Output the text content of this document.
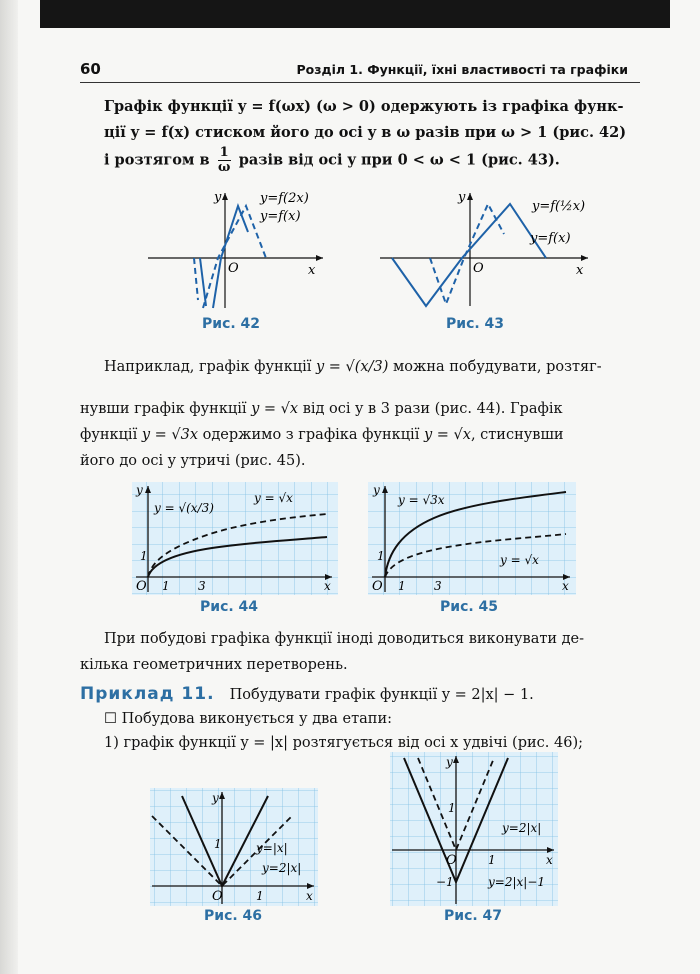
60	Розділ 1. Функції, їхні властивості та графіки
Графік функції y = f(ωx) (ω > 0) одержують із графіка функ-
ції y = f(x) стиском його до осі y в ω разів при ω > 1 (рис. 42)
і розтягом в $\frac{1}{\omega}$ разів від осі y при 0 < ω < 1 (рис. 43).
y
x
O
y=f(2x)
y=f(x)
Рис. 42
y
x
O
y=f(½x)
y=f(x)
Рис. 43
Наприклад, графік функції y = √(x/3) можна побудувати, розтяг-
нувши графік функції y = √x від осі y в 3 рази (рис. 44). Графік
функції y = √3x одержимо з графіка функції y = √x, стиснувши
його до осі y утричі (рис. 45).
y
x
O
1
1 3
y = √(x/3)
y = √x
Рис. 44
y
x
O
1
1 3
y = √3x
y = √x
Рис. 45
При побудові графіка функції іноді доводиться виконувати де-
кілька геометричних перетворень.
Приклад 11. Побудувати графік функції y = 2|x| − 1.
☐ Побудова виконується у два етапи:
1) графік функції y = |x| розтягується від осі x удвічі (рис. 46);
y
x
O
1
1
y=|x|
y=2|x|
Рис. 46
y
x
O
1
1
−1
y=2|x|
y=2|x|−1
Рис. 47
